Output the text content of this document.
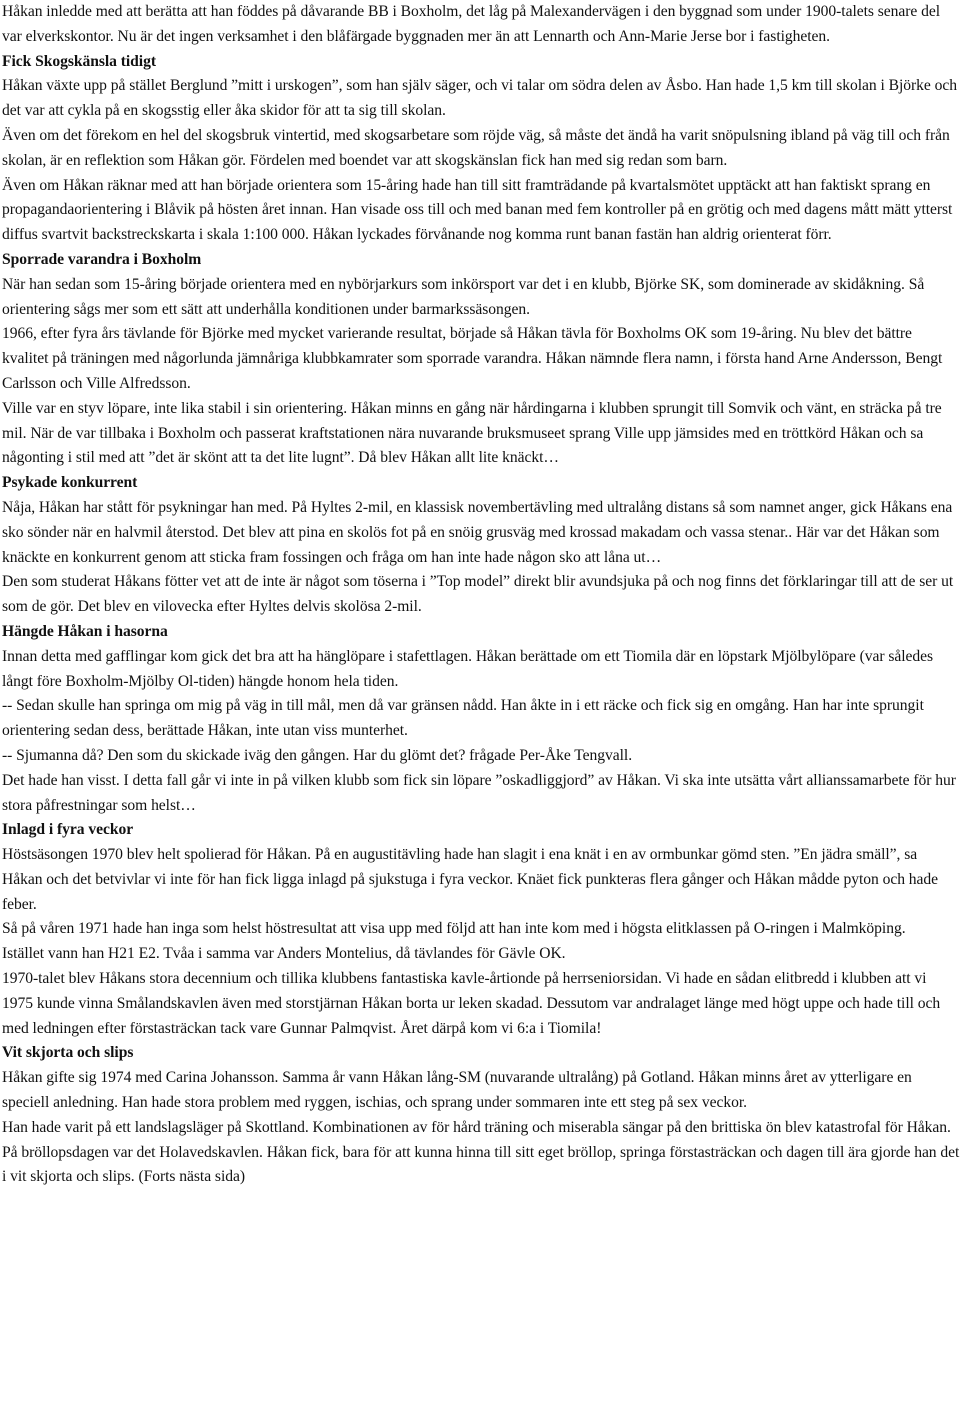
Håkan inledde med att berätta att han föddes på dåvarande BB i Boxholm, det låg på Malexandervägen i den byggnad som under 1900-talets senare del var elverkskontor. Nu är det ingen verksamhet i den blåfärgade byggnaden mer än att Lennarth och Ann-Marie Jerse bor i fastigheten.

Fick Skogskänsla tidigt

Håkan växte upp på stället Berglund ”mitt i urskogen”, som han själv säger, och vi talar om södra delen av Åsbo. Han hade 1,5 km till skolan i Björke och det var att cykla på en skogsstig eller åka skidor för att ta sig till skolan.

Även om det förekom en hel del skogsbruk vintertid, med skogsarbetare som röjde väg, så måste det ändå ha varit snöpulsning ibland på väg till och från skolan, är en reflektion som Håkan gör. Fördelen med boendet var att skogskänslan fick han med sig redan som barn.

Även om Håkan räknar med att han började orientera som 15-åring hade han till sitt framträdande på kvartalsmötet upptäckt att han faktiskt sprang en propagandaorientering i Blåvik på hösten året innan. Han visade oss till och med banan med fem kontroller på en grötig och med dagens mått mätt ytterst diffus svartvit backstreckskarta i skala 1:100 000. Håkan lyckades förvånande nog komma runt banan fastän han aldrig orienterat förr.

Sporrade varandra i Boxholm

När han sedan som 15-åring började orientera med en nybörjarkurs som inkörsport var det i en klubb, Björke SK, som dominerade av skidåkning. Så orientering sågs mer som ett sätt att underhålla konditionen under barmarkssäsongen.

1966, efter fyra års tävlande för Björke med mycket varierande resultat, började så Håkan tävla för Boxholms OK som 19-åring. Nu blev det bättre kvalitet på träningen med någorlunda jämnåriga klubbkamrater som sporrade varandra. Håkan nämnde flera namn, i första hand Arne Andersson, Bengt Carlsson och Ville Alfredsson.

Ville var en styv löpare, inte lika stabil i sin orientering. Håkan minns en gång när hårdingarna i klubben sprungit till Somvik och vänt, en sträcka på tre mil. När de var tillbaka i Boxholm och passerat kraftstationen nära nuvarande bruksmuseet sprang Ville upp jämsides med en tröttkörd Håkan och sa någonting i stil med att ”det är skönt att ta det lite lugnt”. Då blev Håkan allt lite knäckt…

Psykade konkurrent

Nåja, Håkan har stått för psykningar han med. På Hyltes 2-mil, en klassisk novembertävling med ultralång distans så som namnet anger, gick Håkans ena sko sönder när en halvmil återstod. Det blev att pina en skolös fot på en snöig grusväg med krossad makadam och vassa stenar.. Här var det Håkan som knäckte en konkurrent genom att sticka fram fossingen och fråga om han inte hade någon sko att låna ut…

Den som studerat Håkans fötter vet att de inte är något som töserna i ”Top model” direkt blir avundsjuka på och nog finns det förklaringar till att de ser ut som de gör. Det blev en vilovecka efter Hyltes delvis skolösa 2-mil.

Hängde Håkan i hasorna

Innan detta med gafflingar kom gick det bra att ha hänglöpare i stafettlagen. Håkan berättade om ett Tiomila där en löpstark Mjölbylöpare (var således långt före Boxholm-Mjölby Ol-tiden) hängde honom hela tiden.

-- Sedan skulle han springa om mig på väg in till mål, men då var gränsen nådd. Han åkte in i ett räcke och fick sig en omgång. Han har inte sprungit orientering sedan dess, berättade Håkan, inte utan viss munterhet.

-- Sjumanna då? Den som du skickade iväg den gången. Har du glömt det? frågade Per-Åke Tengvall.

Det hade han visst. I detta fall går vi inte in på vilken klubb som fick sin löpare ”oskadliggjord” av Håkan. Vi ska inte utsätta vårt allianssamarbete för hur stora påfrestningar som helst…

Inlagd i fyra veckor

Höstsäsongen 1970 blev helt spolierad för Håkan. På en augustitävling hade han slagit i ena knät i en av ormbunkar gömd sten. ”En jädra smäll”, sa Håkan och det betvivlar vi inte för han fick ligga inlagd på sjukstuga i fyra veckor. Knäet fick punkteras flera gånger och Håkan mådde pyton och hade feber.

Så på våren 1971 hade han inga som helst höstresultat att visa upp med följd att han inte kom med i högsta elitklassen på O-ringen i Malmköping.

Istället vann han H21 E2. Tvåa i samma var Anders Montelius, då tävlandes för Gävle OK.

1970-talet blev Håkans stora decennium och tillika klubbens fantastiska kavle-årtionde på herrseniorsidan. Vi hade en sådan elitbredd i klubben att vi 1975 kunde vinna Smålandskavlen även med storstjärnan Håkan borta ur leken skadad. Dessutom var andralaget länge med högt uppe och hade till och med ledningen efter förstasträckan tack vare Gunnar Palmqvist. Året därpå kom vi 6:a i Tiomila!

Vit skjorta och slips

Håkan gifte sig 1974 med Carina Johansson. Samma år vann Håkan lång-SM (nuvarande ultralång) på Gotland. Håkan minns året av ytterligare en speciell anledning. Han hade stora problem med ryggen, ischias, och sprang under sommaren inte ett steg på sex veckor.

Han hade varit på ett landslagsläger på Skottland. Kombinationen av för hård träning och miserabla sängar på den brittiska ön blev katastrofal för Håkan.

På bröllopsdagen var det Holavedskavlen. Håkan fick, bara för att kunna hinna till sitt eget bröllop, springa förstasträckan och dagen till ära gjorde han det i vit skjorta och slips. (Forts nästa sida)
